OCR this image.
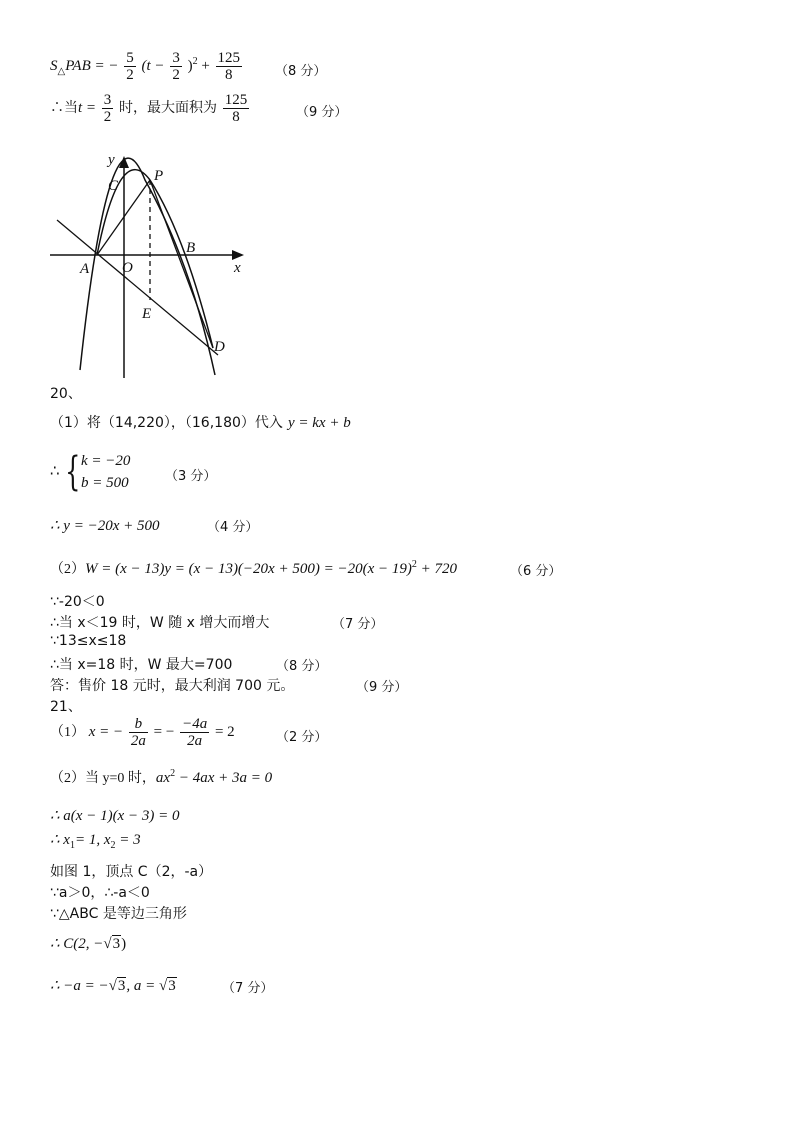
$S_\triangle PAB$ = − $\frac{5}{2} (t - \frac{3}{2} )^2 + \frac{125}{8}$	（8 分）
∴当$t = \frac{3}{2}$ 时，最大面积为 $\frac{125}{8}$	（9 分）
y
x
C
P
A O
B
E
D
20、
（1）将（14,220），（16,180）代入 y = kx + b
∴ {k = −20
b = 500	（3 分）
∴ y = −20x + 500	（4 分）
$(2)W = (x - 13)y = (x - 13)(-20x + 500) = -20(x - 19)^2 + 720$	（6 分）
∵-20＜0
∴当 x＜19 时，W 随 x 增大而增大	（7 分）
∵13≤x≤18
∴当 x=18 时，W 最大=700	（8 分）
答：售价 18 元时，最大利润 700 元。	（9 分）
21、
（1） x = − $\frac{b}{2a}$ = − $\frac{-4a}{2a} = 2$	（2 分）
（2）当 y=0 时，$ax^2 - 4ax + 3a = 0$
∴ a(x − 1)(x − 3) = 0
∴ $x_1= 1$, $x_2 = 3$
如图 1，顶点 C（2，-a）
∵a＞0，∴-a＜0
∵△ABC 是等边三角形
∴ C(2, −√3)
∴ −a = −√3, a = √3	（7 分）
